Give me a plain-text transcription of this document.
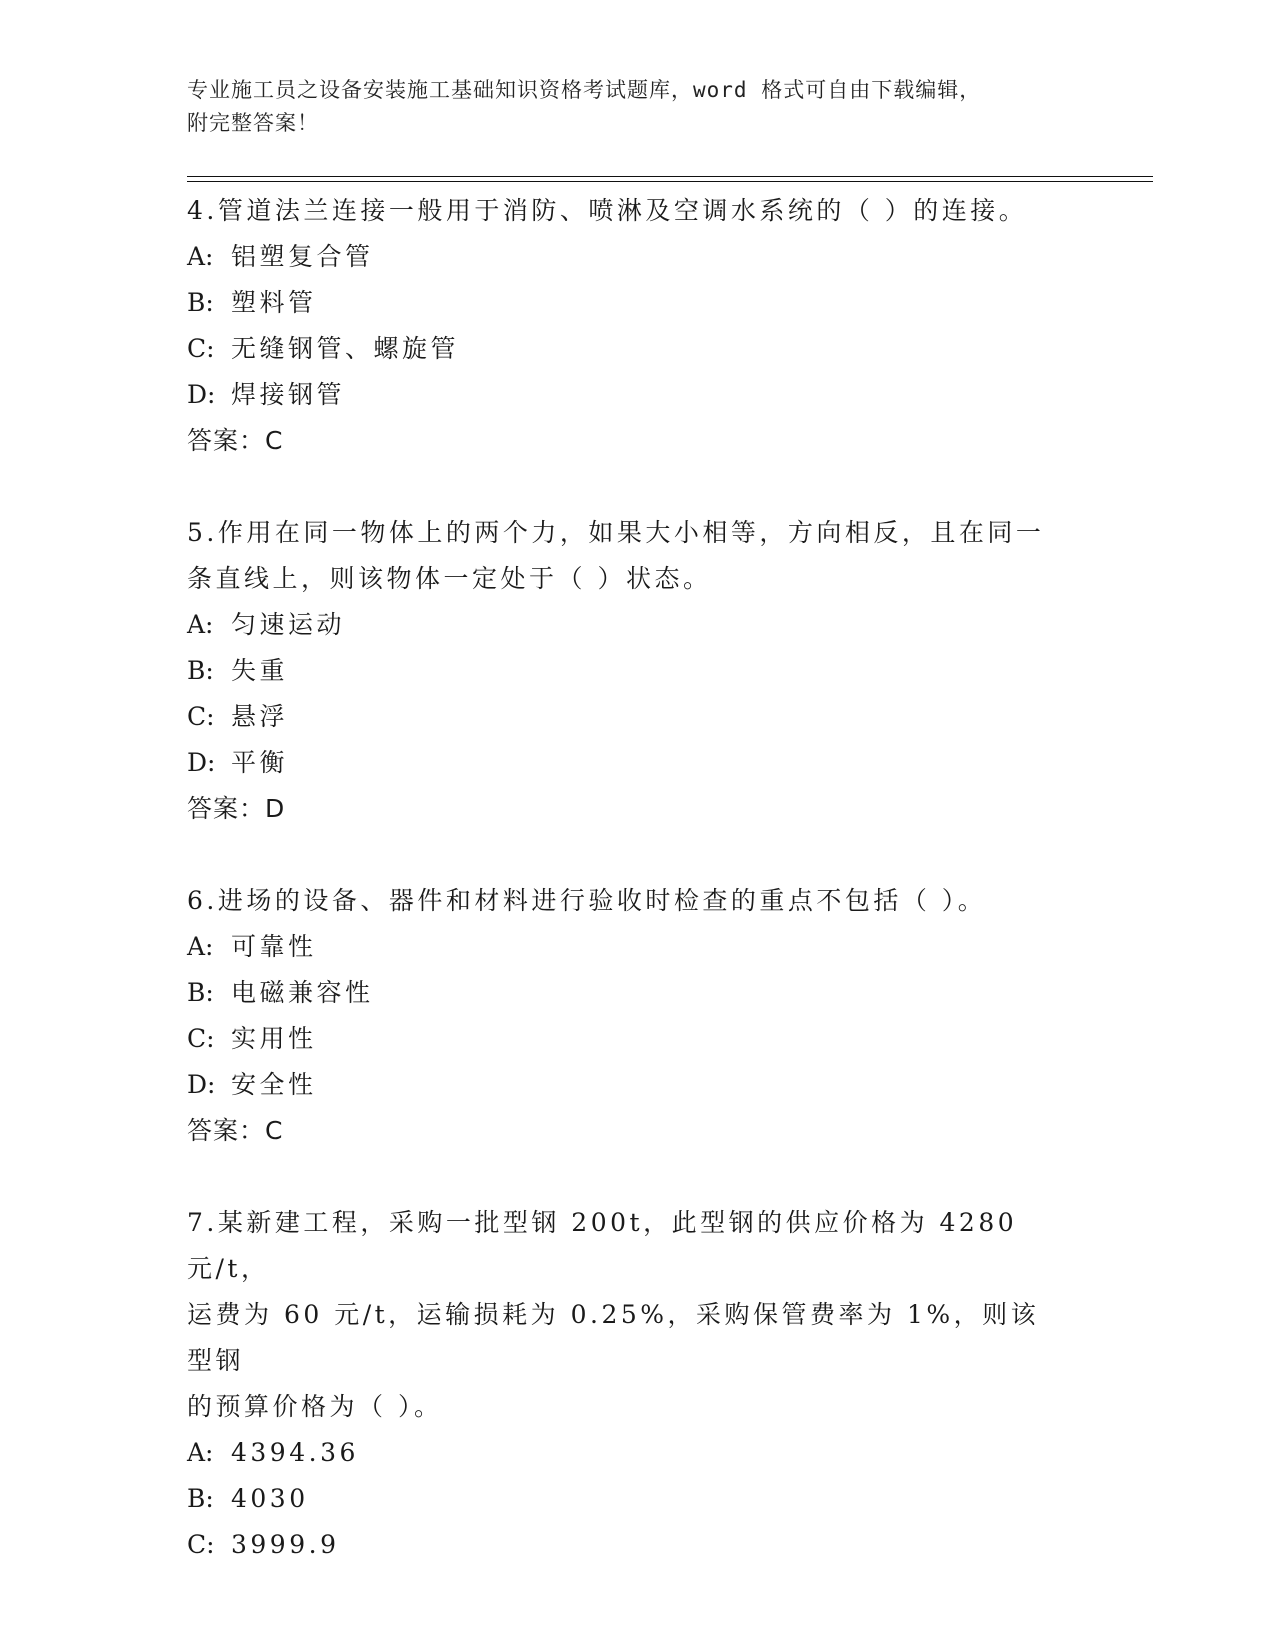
专业施工员之设备安装施工基础知识资格考试题库，word 格式可自由下载编辑，
附完整答案！

4.管道法兰连接一般用于消防、喷淋及空调水系统的（ ）的连接。

A: 铝塑复合管

B: 塑料管

C: 无缝钢管、螺旋管

D: 焊接钢管

答案：C

5.作用在同一物体上的两个力，如果大小相等，方向相反，且在同一

条直线上，则该物体一定处于（ ）状态。

A: 匀速运动

B: 失重

C: 悬浮

D: 平衡

答案：D

6.进场的设备、器件和材料进行验收时检查的重点不包括（ ）。

A: 可靠性

B: 电磁兼容性

C: 实用性

D: 安全性

答案：C

7.某新建工程，采购一批型钢 200t，此型钢的供应价格为 4280 元/t，

运费为 60 元/t，运输损耗为 0.25%，采购保管费率为 1%，则该型钢

的预算价格为（ ）。

A: 4394.36

B: 4030

C: 3999.9
